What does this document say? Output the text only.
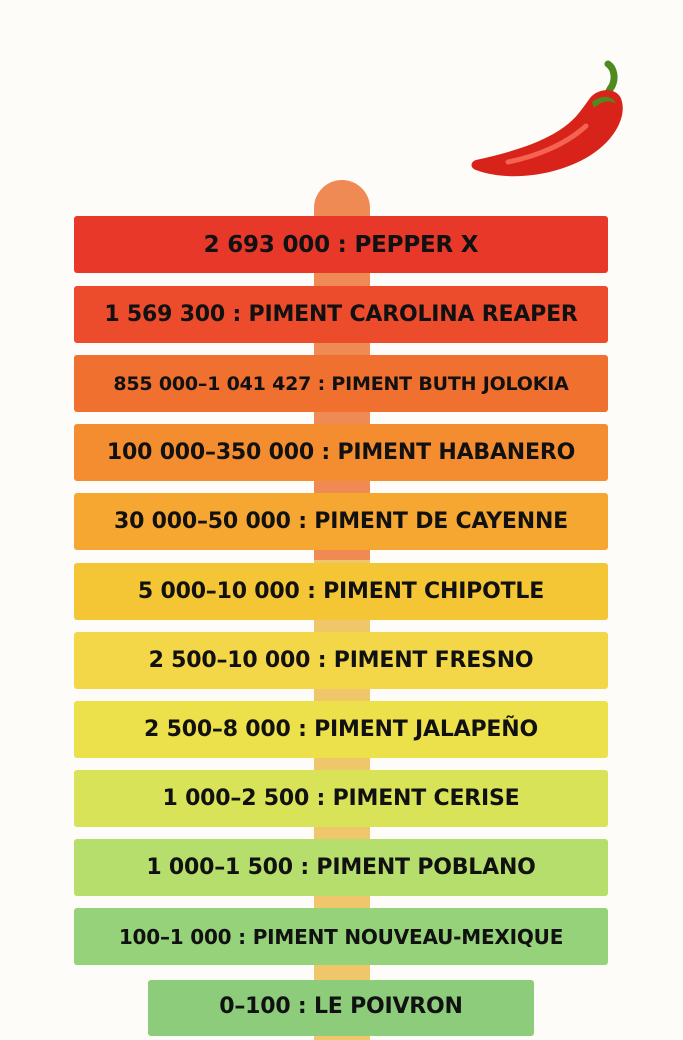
2 693 000 : PEPPER X
1 569 300 : PIMENT CAROLINA REAPER
855 000–1 041 427 : PIMENT BUTH JOLOKIA
100 000–350 000 : PIMENT HABANERO
30 000–50 000 : PIMENT DE CAYENNE
5 000–10 000 : PIMENT CHIPOTLE
2 500–10 000 : PIMENT FRESNO
2 500–8 000 : PIMENT JALAPEÑO
1 000–2 500 : PIMENT CERISE
1 000–1 500 : PIMENT POBLANO
100–1 000 : PIMENT NOUVEAU-MEXIQUE
0–100 : LE POIVRON
